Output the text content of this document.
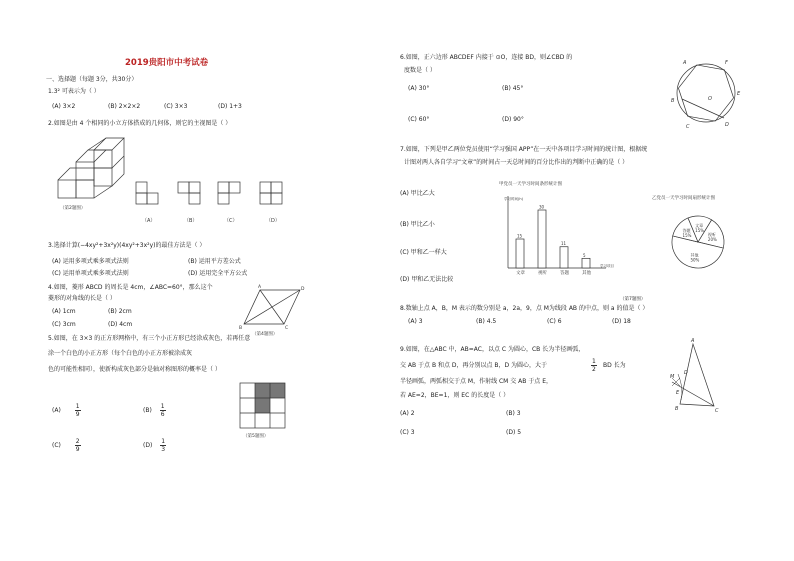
2019贵阳市中考试卷
一、选择题（每题 3分，共30分）
1.3² 可表示为（ ）
(A) 3×2	(B) 2×2×2	(C) 3×3	(D) 1+3
2.如图是由 4 个相同的小立方体搭成的几何体，则它的主视图是（ ）
（第2题图）
（A）	（B）	（C）	（D）
3.选择计算(−4xy²+3x²y)(4xy²+3x²y)的最佳方法是（ ）
(A) 运用多项式乘多项式法则	(B) 运用平方差公式
(C) 运用单项式乘多项式法则	(D) 运用完全平方公式
4.如图，菱形 ABCD 的周长是 4cm，∠ABC=60°，那么这个
菱形的对角线的长是（ ）
(A) 1cm	(B) 2cm
(C) 3cm	(D) 4cm
A
B	C
D
（第4题图）
5.如图，在 3×3 的正方形网格中，有三个小正方形已经涂成灰色，若再任意
涂一个白色的小正方形（每个白色的小正方形被涂成灰
色的可能性相同），使新构成灰色部分是轴对称图形的概率是（ ）
$(A) \frac{1}{9}$	$(B) \frac{1}{6}$
$(C) \frac{2}{9}$	$(D) \frac{1}{3}$
（第5题图）
6.如图，正六边形 ABCDEF 内接于 ⊙O，连接 BD，则∠CBD 的
度数是（ ）
(A) 30°	(B) 45°
(C) 60°	(D) 90°
A
B
C	D
E
F
O
7.如图，下列是甲乙两位党员使用“学习强国 APP”在一天中各项目学习时间的统计图，根据统
计图对两人各自学习“文章”的时间占一天总时间的百分比作出的判断中正确的是（ ）
(A) 甲比乙大
(B) 甲比乙小
(C) 甲和乙一样大
(D) 甲和乙无法比较
甲党员一天学习时间条形统计图
学习时间(h)
学习项目
15
文章
30
视听
11
答题
5
其他
（第7题图）
乙党员一天学习时间扇形统计图
视听
20%
其他
50%
答题
15%
文章
15%
8.数轴上点 A，B，M 表示的数分别是 a，2a，9，点 M为线段 AB 的中点，则 a 的值是（ ）
(A) 3	(B) 4.5	(C) 6	(D) 18
9.如图，在△ABC 中，AB=AC，以点 C 为圆心，CB 长为半径画弧，
交 AB 于点 B 和点 D，再分别以点 B，D 为圆心，大于	$\frac{1}{2}$ BD 长为
半径画弧，两弧相交于点 M，作射线 CM 交 AB 于点 E，
若 AE=2，BE=1，则 EC 的长度是（ ）
(A) 2	(B) 3
(C) 3	(D) 5
A
B	C
D
E
M
